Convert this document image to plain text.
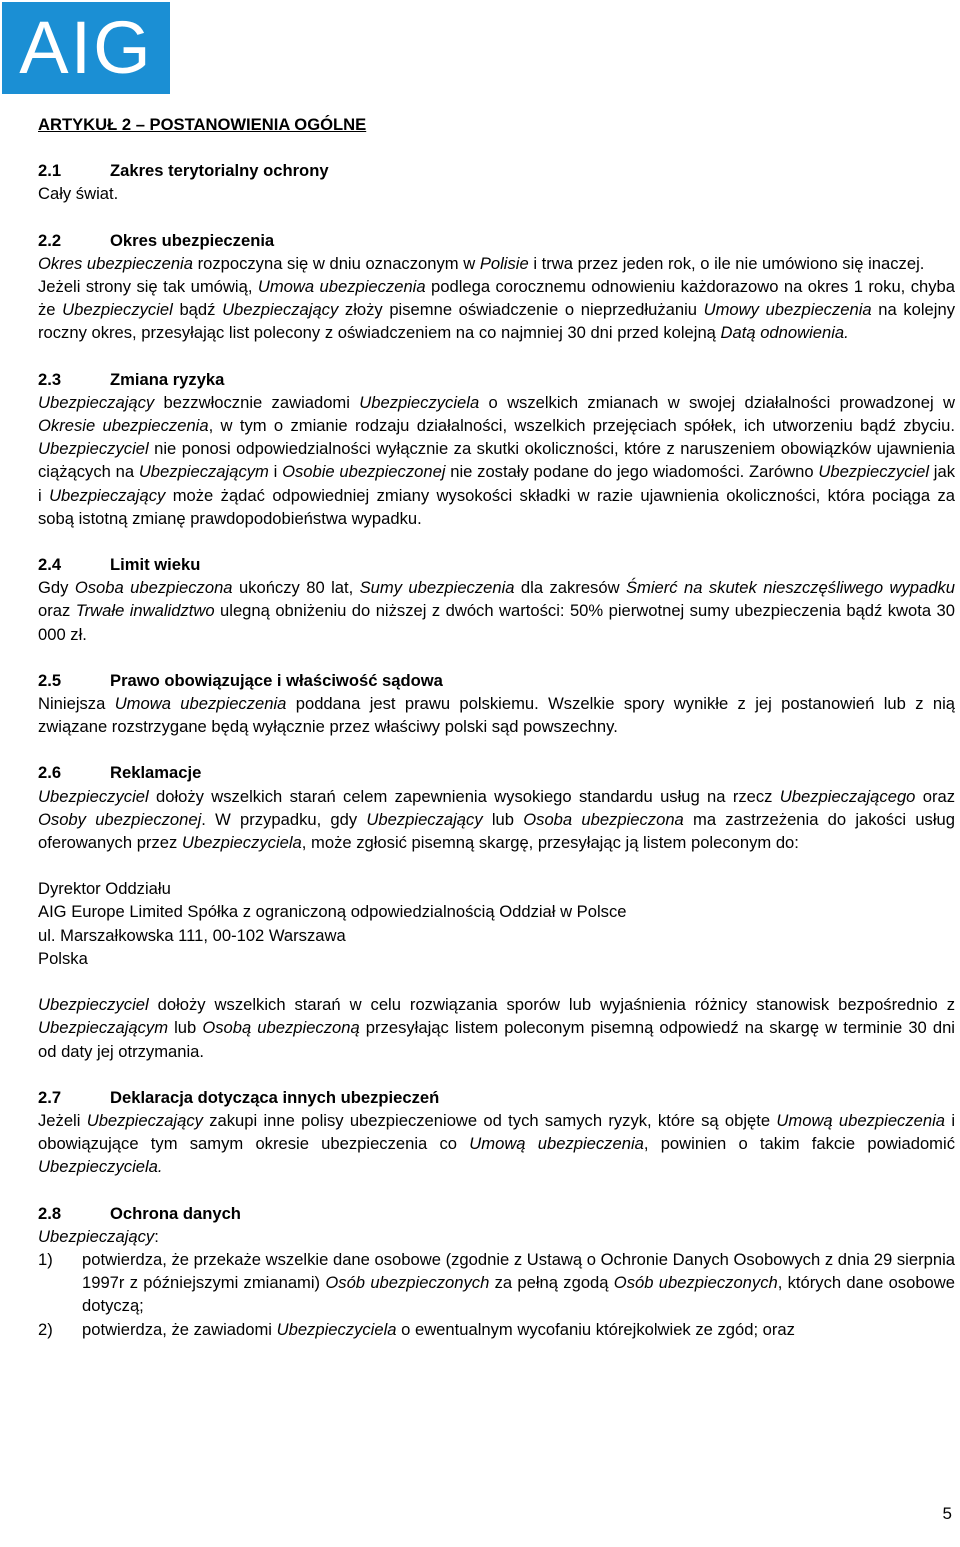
AIG
ARTYKUŁ 2 – POSTANOWIENIA OGÓLNE
2.1	Zakres terytorialny ochrony

Cały świat.

2.2	Okres ubezpieczenia

Okres ubezpieczenia rozpoczyna się w dniu oznaczonym w Polisie i trwa przez jeden rok, o ile nie umówiono się inaczej.

Jeżeli strony się tak umówią, Umowa ubezpieczenia podlega corocznemu odnowieniu każdorazowo na okres 1 roku, chyba że Ubezpieczyciel bądź Ubezpieczający złoży pisemne oświadczenie o nieprzedłużaniu Umowy ubezpieczenia na kolejny roczny okres, przesyłając list polecony z oświadczeniem na co najmniej 30 dni przed kolejną Datą odnowienia.

2.3	Zmiana ryzyka

Ubezpieczający bezzwłocznie zawiadomi Ubezpieczyciela o wszelkich zmianach w swojej działalności prowadzonej w Okresie ubezpieczenia, w tym o zmianie rodzaju działalności, wszelkich przejęciach spółek, ich utworzeniu bądź zbyciu. Ubezpieczyciel nie ponosi odpowiedzialności wyłącznie za skutki okoliczności, które z naruszeniem obowiązków ujawnienia ciążących na Ubezpieczającym i Osobie ubezpieczonej nie zostały podane do jego wiadomości. Zarówno Ubezpieczyciel jak i Ubezpieczający może żądać odpowiedniej zmiany wysokości składki w razie ujawnienia okoliczności, która pociąga za sobą istotną zmianę prawdopodobieństwa wypadku.

2.4	Limit wieku

Gdy Osoba ubezpieczona ukończy 80 lat, Sumy ubezpieczenia dla zakresów Śmierć na skutek nieszczęśliwego wypadku oraz Trwałe inwalidztwo ulegną obniżeniu do niższej z dwóch wartości: 50% pierwotnej sumy ubezpieczenia bądź kwota 30 000 zł.

2.5	Prawo obowiązujące i właściwość sądowa

Niniejsza Umowa ubezpieczenia poddana jest prawu polskiemu. Wszelkie spory wynikłe z jej postanowień lub z nią związane rozstrzygane będą wyłącznie przez właściwy polski sąd powszechny.

2.6	Reklamacje

Ubezpieczyciel dołoży wszelkich starań celem zapewnienia wysokiego standardu usług na rzecz Ubezpieczającego oraz Osoby ubezpieczonej. W przypadku, gdy Ubezpieczający lub Osoba ubezpieczona ma zastrzeżenia do jakości usług oferowanych przez Ubezpieczyciela, może zgłosić pisemną skargę, przesyłając ją listem poleconym do:

Dyrektor Oddziału
AIG Europe Limited Spółka z ograniczoną odpowiedzialnością Oddział w Polsce
ul. Marszałkowska 111, 00-102 Warszawa
Polska

Ubezpieczyciel dołoży wszelkich starań w celu rozwiązania sporów lub wyjaśnienia różnicy stanowisk bezpośrednio z Ubezpieczającym lub Osobą ubezpieczoną przesyłając listem poleconym pisemną odpowiedź na skargę w terminie 30 dni od daty jej otrzymania.

2.7	Deklaracja dotycząca innych ubezpieczeń

Jeżeli Ubezpieczający zakupi inne polisy ubezpieczeniowe od tych samych ryzyk, które są objęte Umową ubezpieczenia i obowiązujące tym samym okresie ubezpieczenia co Umową ubezpieczenia, powinien o takim fakcie powiadomić Ubezpieczyciela.

2.8	Ochrona danych

Ubezpieczający:

1)	potwierdza, że przekaże wszelkie dane osobowe (zgodnie z Ustawą o Ochronie Danych Osobowych z dnia 29 sierpnia 1997r z późniejszymi zmianami) Osób ubezpieczonych za pełną zgodą Osób ubezpieczonych, których dane osobowe dotyczą;
2)	potwierdza, że zawiadomi Ubezpieczyciela o ewentualnym wycofaniu którejkolwiek ze zgód; oraz
5
